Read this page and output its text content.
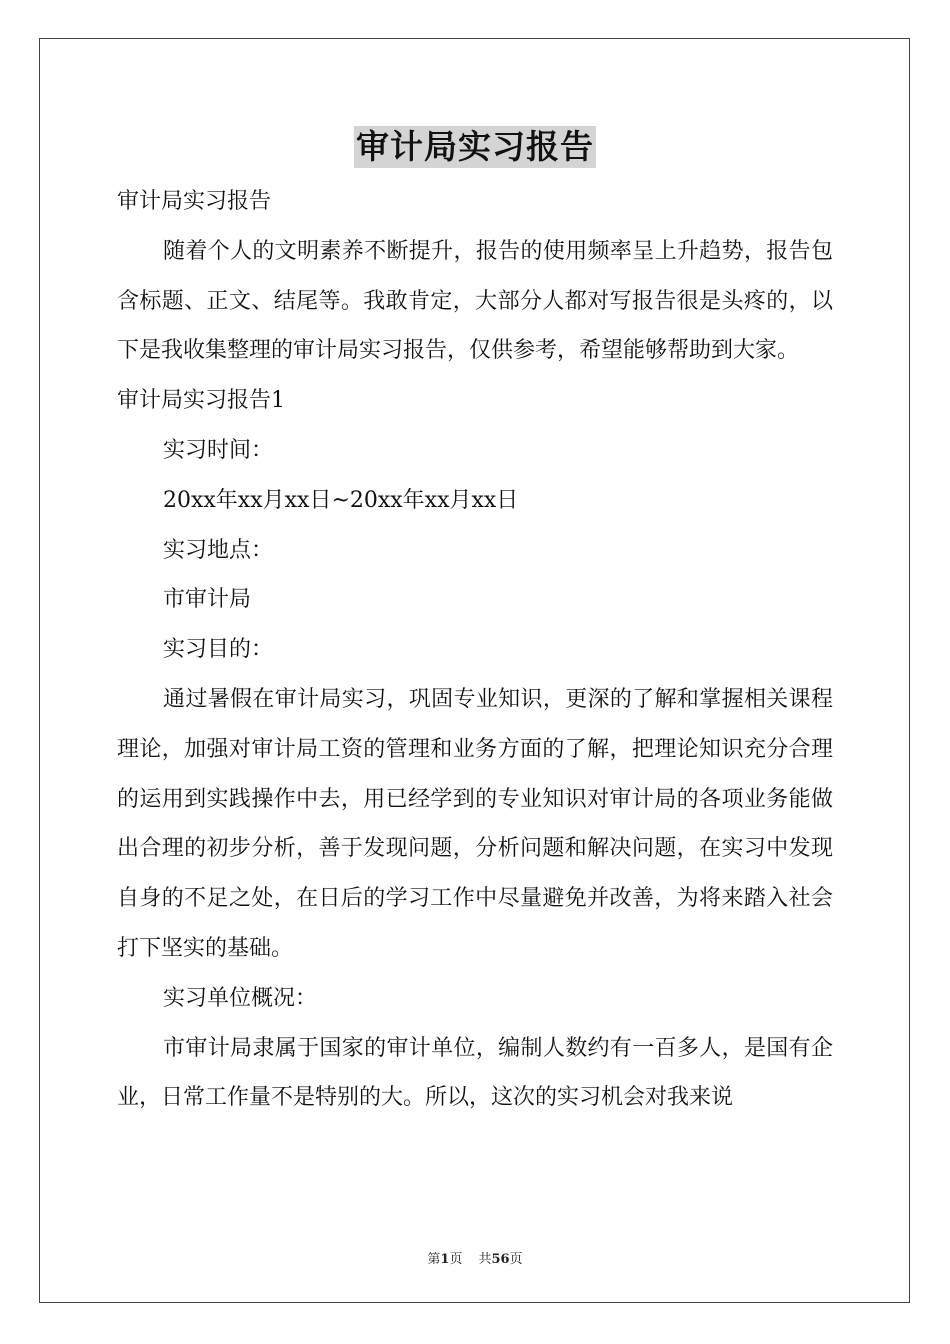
审计局实习报告

审计局实习报告

随着个人的文明素养不断提升，报告的使用频率呈上升趋势，报告包含标题、正文、结尾等。我敢肯定，大部分人都对写报告很是头疼的，以下是我收集整理的审计局实习报告，仅供参考，希望能够帮助到大家。

审计局实习报告1

实习时间：

20xx年xx月xx日~20xx年xx月xx日

实习地点：

市审计局

实习目的：

通过暑假在审计局实习，巩固专业知识，更深的了解和掌握相关课程理论，加强对审计局工资的管理和业务方面的了解，把理论知识充分合理的运用到实践操作中去，用已经学到的专业知识对审计局的各项业务能做出合理的初步分析，善于发现问题，分析问题和解决问题，在实习中发现自身的不足之处，在日后的学习工作中尽量避免并改善，为将来踏入社会打下坚实的基础。

实习单位概况：

市审计局隶属于国家的审计单位，编制人数约有一百多人，是国有企业，日常工作量不是特别的大。所以，这次的实习机会对我来说

第1页 共56页
